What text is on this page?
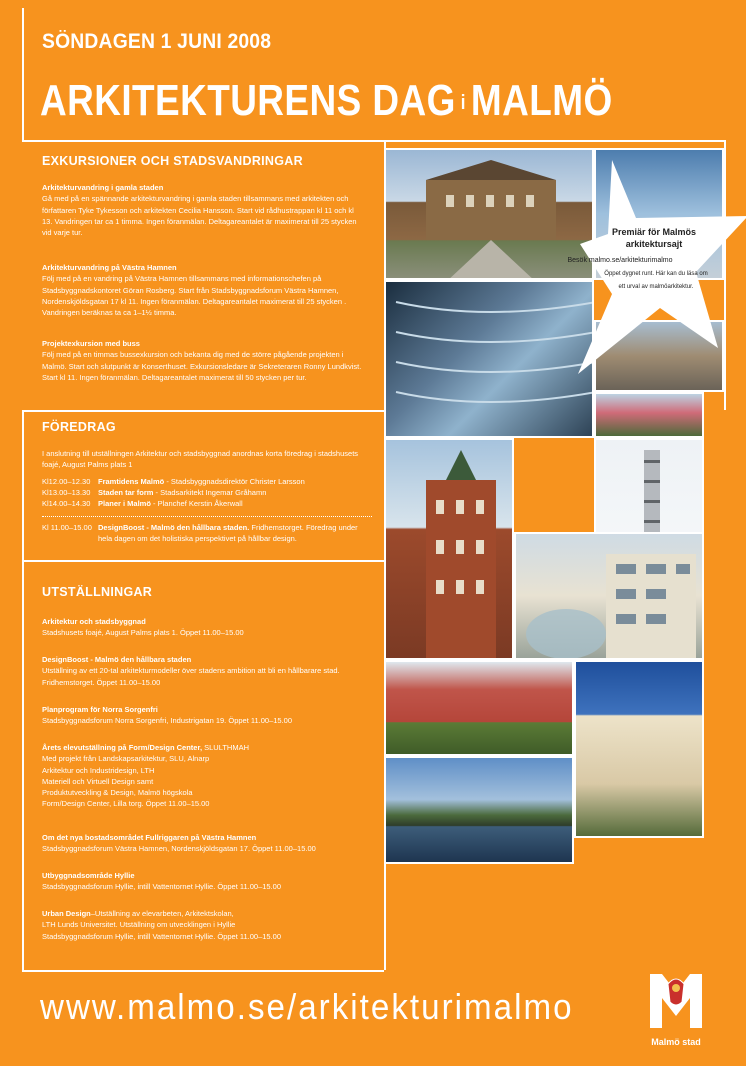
SÖNDAGEN 1 JUNI 2008
ARKITEKTURENS DAG i MALMÖ
EXKURSIONER OCH STADSVANDRINGAR
Arkitekturvandring i gamla staden
Gå med på en spännande arkitekturvandring i gamla staden tillsammans med arkitekten och författaren Tyke Tykesson och arkitekten Cecilia Hansson. Start vid rådhustrappan kl 11 och kl 13. Vandringen tar ca 1 timma. Ingen föranmälan. Deltagareantalet är maximerat till 25 stycken vid varje tur.
Arkitekturvandring på Västra Hamnen
Följ med på en vandring på Västra Hamnen tillsammans med informationschefen på Stadsbyggnadskontoret Göran Rosberg. Start från Stadsbyggnadsforum Västra Hamnen, Nordenskjöldsgatan 17 kl 11. Ingen föranmälan. Deltagareantalet maximerat till 25 stycken . Vandringen beräknas ta ca 1–1½ timma.
Projektexkursion med buss
Följ med på en timmas bussexkursion och bekanta dig med de större pågående projekten i Malmö. Start och slutpunkt är Konserthuset. Exkursionsledare är Sekreteraren Ronny Lundkvist. Start kl 11. Ingen föranmälan. Deltagareantalet maximerat till 50 stycken per tur.
FÖREDRAG
I anslutning till utställningen Arkitektur och stadsbyggnad anordnas korta föredrag i stadshusets foajé, August Palms plats 1
Kl12.00–12.30 Framtidens Malmö - Stadsbyggnadsdirektör Christer Larsson
Kl13.00–13.30 Staden tar form - Stadsarkitekt Ingemar Gråhamn
Kl14.00–14.30 Planer i Malmö - Planchef Kerstin Åkerwall
Kl 11.00–15.00 DesignBoost - Malmö den hållbara staden. Fridhemstorget. Föredrag under hela dagen om det holistiska perspektivet på hållbar design.
UTSTÄLLNINGAR
Arkitektur och stadsbyggnad
Stadshusets foajé, August Palms plats 1. Öppet 11.00–15.00
DesignBoost - Malmö den hållbara staden
Utställning av ett 20-tal arkitekturmodeller över stadens ambition att bli en hållbarare stad. Fridhemstorget. Öppet 11.00–15.00
Planprogram för Norra Sorgenfri
Stadsbyggnadsforum Norra Sorgenfri, Industrigatan 19. Öppet 11.00–15.00
Årets elevutställning på Form/Design Center, SLULTHMAH
Med projekt från Landskapsarkitektur, SLU, Alnarp
Arkitektur och Industridesign, LTH
Materiell och Virtuell Design samt
Produktutveckling & Design, Malmö högskola
Form/Design Center, Lilla torg. Öppet 11.00–15.00
Om det nya bostadsområdet Fullriggaren på Västra Hamnen
Stadsbyggnadsforum Västra Hamnen, Nordenskjöldsgatan 17. Öppet 11.00–15.00
Utbyggnadsområde Hyllie
Stadsbyggnadsforum Hyllie, intill Vattentornet Hyllie. Öppet 11.00–15.00
Urban Design–Utställning av elevarbeten, Arkitektskolan,
LTH Lunds Universitet. Utställning om utvecklingen i Hyllie
Stadsbyggnadsforum Hyllie, intill Vattentornet Hyllie. Öppet 11.00–15.00
Premiär för Malmös arkitektursajt
Besök malmo.se/arkitekturimalmo
Öppet dygnet runt. Här kan du läsa om
ett urval av malmöarkitektur.
www.malmo.se/arkitekturimalmo
Malmö stad
